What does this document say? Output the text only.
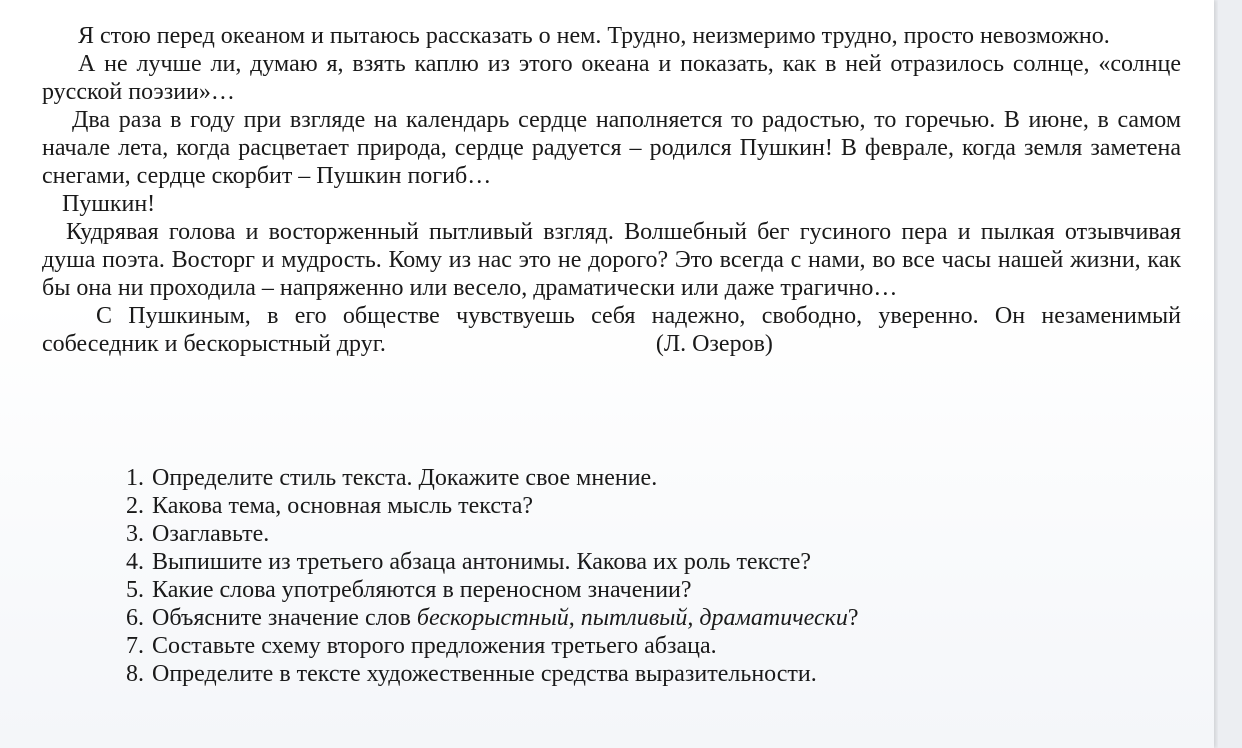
Я стою перед океаном и пытаюсь рассказать о нем. Трудно, неизмеримо трудно, просто невозможно.

А не лучше ли, думаю я, взять каплю из этого океана и показать, как в ней отразилось солнце, «солнце русской поэзии»…

Два раза в году при взгляде на календарь сердце наполняется то радостью, то горечью. В июне, в самом начале лета, когда расцветает природа, сердце радуется – родился Пушкин! В феврале, когда земля заметена снегами, сердце скорбит – Пушкин погиб…

Пушкин!

Кудрявая голова и восторженный пытливый взгляд. Волшебный бег гусиного пера и пылкая отзывчивая душа поэта. Восторг и мудрость. Кому из нас это не дорого? Это всегда с нами, во все часы нашей жизни, как бы она ни проходила – напряженно или весело, драматически или даже трагично…

С Пушкиным, в его обществе чувствуешь себя надежно, свободно, уверенно. Он незаменимый собеседник и бескорыстный друг.	(Л. Озеров)

1. Определите стиль текста. Докажите свое мнение.
2. Какова тема, основная мысль текста?
3. Озаглавьте.
4. Выпишите из третьего абзаца антонимы. Какова их роль тексте?
5. Какие слова употребляются в переносном значении?
6. Объясните значение слов бескорыстный, пытливый, драматически?
7. Составьте схему второго предложения третьего абзаца.
8. Определите в тексте художественные средства выразительности.
